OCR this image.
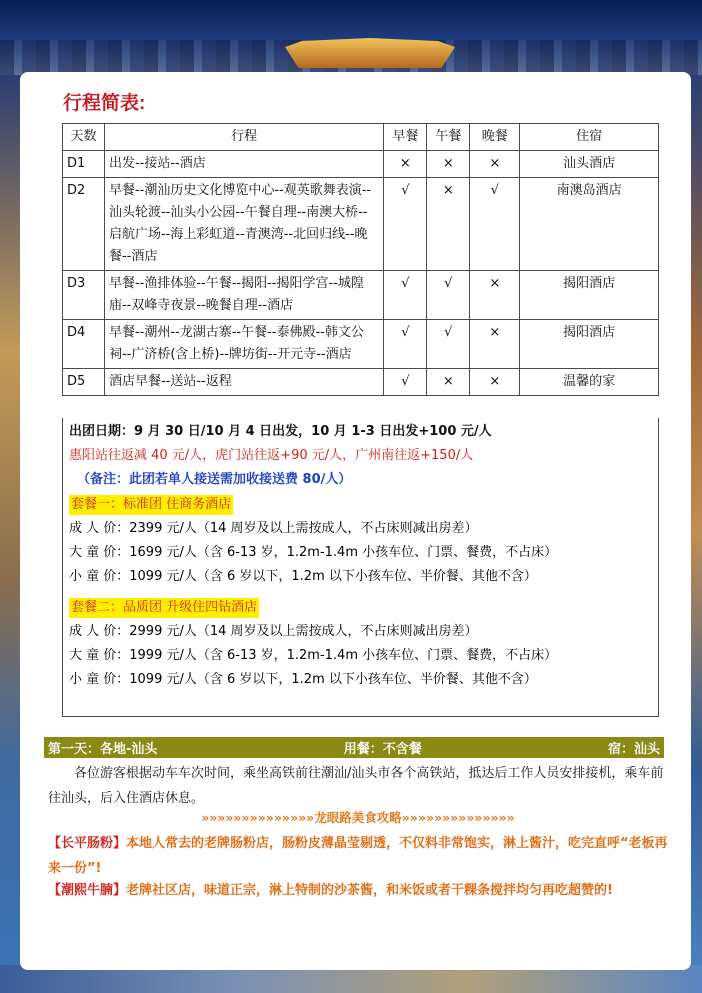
行程简表:
天数	行程	早餐	午餐	晚餐	住宿
D1	出发--接站--酒店	×	×	×	汕头酒店
D2	早餐--潮汕历史文化博览中心--观英歌舞表演--汕头轮渡--汕头小公园--午餐自理--南澳大桥--启航广场--海上彩虹道--青澳湾--北回归线--晚餐--酒店	√	×	√	南澳岛酒店
D3	早餐--渔排体验--午餐--揭阳--揭阳学宫--城隍庙--双峰寺夜景--晚餐自理--酒店	√	√	×	揭阳酒店
D4	早餐--潮州--龙湖古寨--午餐--泰佛殿--韩文公祠--广济桥(含上桥)--牌坊街--开元寺--酒店	√	√	×	揭阳酒店
D5	酒店早餐--送站--返程	√	×	×	温馨的家
出团日期：9 月 30 日/10 月 4 日出发，10 月 1-3 日出发+100 元/人
惠阳站往返减 40 元/人，虎门站往返+90 元/人，广州南往返+150/人
（备注：此团若单人接送需加收接送费 80/人）
套餐一：标准团 住商务酒店
成 人 价：2399 元/人（14 周岁及以上需按成人，不占床则减出房差）
大 童 价：1699 元/人（含 6-13 岁，1.2m-1.4m 小孩车位、门票、餐费，不占床）
小 童 价：1099 元/人（含 6 岁以下，1.2m 以下小孩车位、半价餐、其他不含）
套餐二：品质团 升级住四钻酒店
成 人 价：2999 元/人（14 周岁及以上需按成人，不占床则减出房差）
大 童 价：1999 元/人（含 6-13 岁，1.2m-1.4m 小孩车位、门票、餐费，不占床）
小 童 价：1099 元/人（含 6 岁以下，1.2m 以下小孩车位、半价餐、其他不含）
第一天：各地-汕头	用餐：不含餐	宿：汕头
各位游客根据动车车次时间，乘坐高铁前往潮汕/汕头市各个高铁站，抵达后工作人员安排接机，乘车前往汕头，后入住酒店休息。
»»»»»»»»»»»»»»龙眼路美食攻略»»»»»»»»»»»»»»
【长平肠粉】本地人常去的老牌肠粉店，肠粉皮薄晶莹剔透，不仅料非常饱实，淋上酱汁，吃完直呼“老板再来一份”!
【潮熙牛腩】老牌社区店，味道正宗，淋上特制的沙茶酱，和米饭或者干粿条搅拌均匀再吃超赞的!
